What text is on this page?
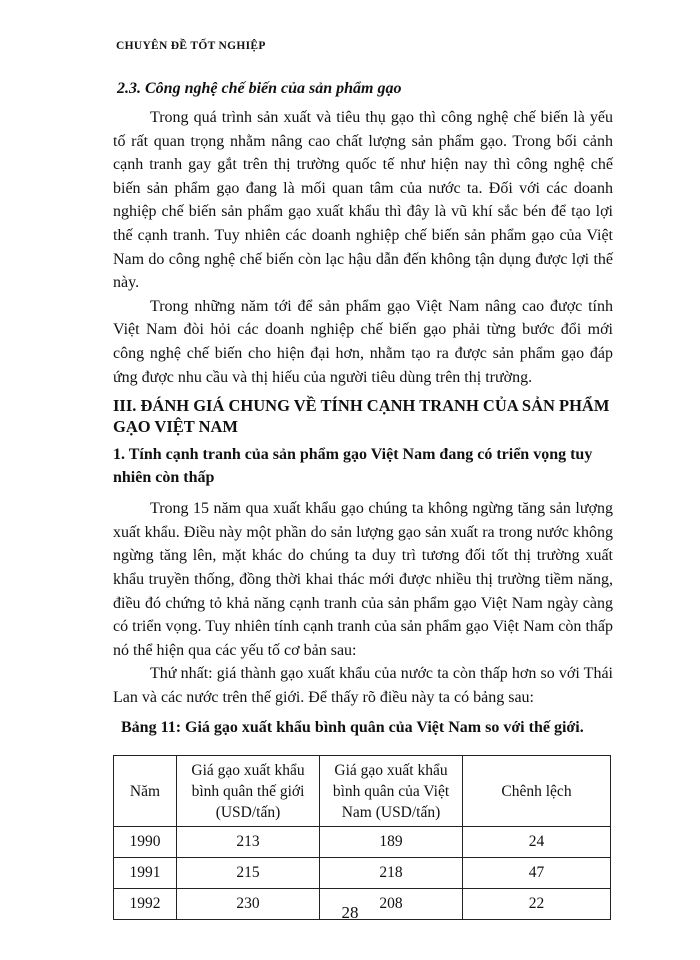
CHUYÊN ĐỀ TỐT NGHIỆP
2.3. Công nghệ chế biến của sản phẩm gạo

Trong quá trình sản xuất và tiêu thụ gạo thì công nghệ chế biến là yếu tố rất quan trọng nhằm nâng cao chất lượng sản phẩm gạo. Trong bối cảnh cạnh tranh gay gắt trên thị trường quốc tế như hiện nay thì công nghệ chế biến sản phẩm gạo đang là mối quan tâm của nước ta. Đối với các doanh nghiệp chế biến sản phẩm gạo xuất khẩu thì đây là vũ khí sắc bén để tạo lợi thế cạnh tranh. Tuy nhiên các doanh nghiệp chế biến sản phẩm gạo của Việt Nam do công nghệ chế biến còn lạc hậu dẫn đến không tận dụng được lợi thế này.

Trong những năm tới để sản phẩm gạo Việt Nam nâng cao được tính Việt Nam đòi hỏi các doanh nghiệp chế biến gạo phải từng bước đổi mới công nghệ chế biến cho hiện đại hơn, nhằm tạo ra được sản phẩm gạo đáp ứng được nhu cầu và thị hiếu của người tiêu dùng trên thị trường.

III. ĐÁNH GIÁ CHUNG VỀ TÍNH CẠNH TRANH CỦA SẢN PHẨM GẠO VIỆT NAM
1. Tính cạnh tranh của sản phẩm gạo Việt Nam đang có triển vọng tuy nhiên còn thấp

Trong 15 năm qua xuất khẩu gạo chúng ta không ngừng tăng sản lượng xuất khẩu. Điều này một phần do sản lượng gạo sản xuất ra trong nước không ngừng tăng lên, mặt khác do chúng ta duy trì tương đối tốt thị trường xuất khẩu truyền thống, đồng thời khai thác mới được nhiều thị trường tiềm năng, điều đó chứng tỏ khả năng cạnh tranh của sản phẩm gạo Việt Nam ngày càng có triển vọng. Tuy nhiên tính cạnh tranh của sản phẩm gạo Việt Nam còn thấp nó thể hiện qua các yếu tố cơ bản sau:

Thứ nhất: giá thành gạo xuất khẩu của nước ta còn thấp hơn so với Thái Lan và các nước trên thế giới. Để thấy rõ điều này ta có bảng sau:

Bảng 11: Giá gạo xuất khẩu bình quân của Việt Nam so với thế giới.
Năm	Giá gạo xuất khẩu bình quân thế giới (USD/tấn)	Giá gạo xuất khẩu bình quân của Việt Nam (USD/tấn)	Chênh lệch
1990	213	189	24
1991	215	218	47
1992	230	208	22
28
